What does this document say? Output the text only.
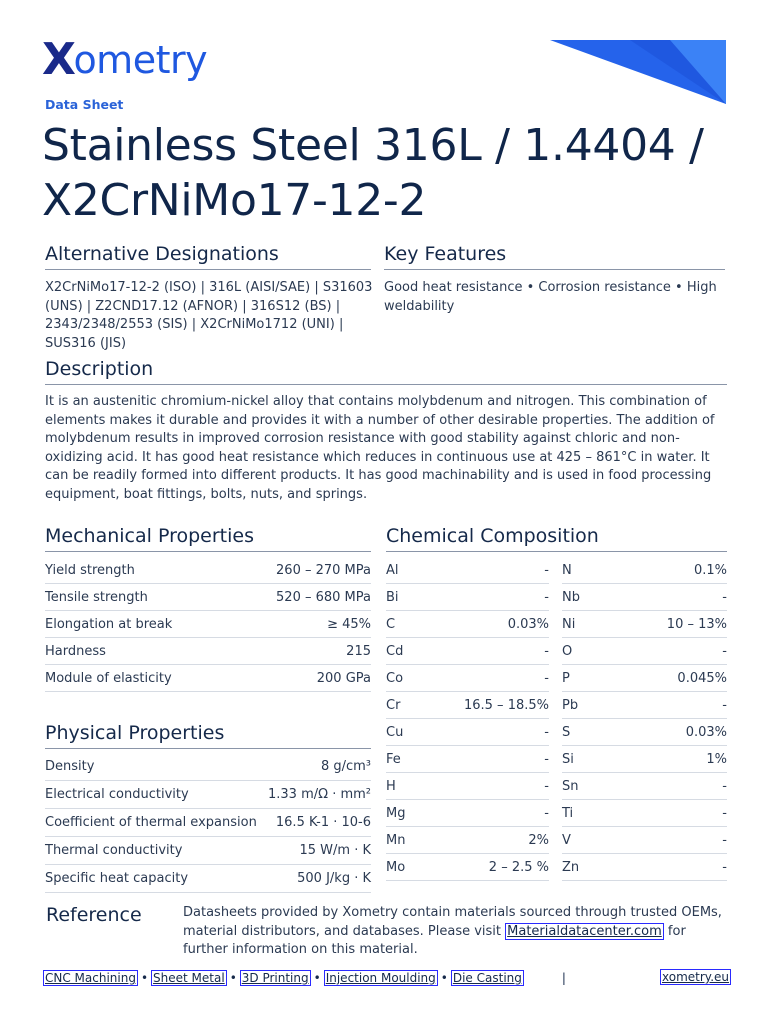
X
ometry
Data Sheet
Stainless Steel 316L / 1.4404 /
X2CrNiMo17-12-2
Alternative Designations
X2CrNiMo17-12-2 (ISO) | 316L (AISI/SAE) | S31603 (UNS) | Z2CND17.12 (AFNOR) | 316S12 (BS) | 2343/2348/2553 (SIS) | X2CrNiMo1712 (UNI) | SUS316 (JIS)
Key Features
Good heat resistance • Corrosion resistance • High weldability
Description
It is an austenitic chromium-nickel alloy that contains molybdenum and nitrogen. This combination of elements makes it durable and provides it with a number of other desirable properties. The addition of molybdenum results in improved corrosion resistance with good stability against chloric and non-oxidizing acid. It has good heat resistance which reduces in continuous use at 425 – 861°C in water. It can be readily formed into different products. It has good machinability and is used in food processing equipment, boat fittings, bolts, nuts, and springs.
Mechanical Properties
Yield strength	260 – 270 MPa
Tensile strength	520 – 680 MPa
Elongation at break	≥ 45%
Hardness	215
Module of elasticity	200 GPa
Physical Properties
Density	8 g/cm³
Electrical conductivity	1.33 m/Ω · mm²
Coefficient of thermal expansion 16.5 K-1 · 10-6
Thermal conductivity	15 W/m · K
Specific heat capacity	500 J/kg · K
Chemical Composition
Al	-
Bi	-
C	0.03%
Cd	-
Co	-
Cr	16.5 – 18.5%
Cu	-
Fe	-
H	-
Mg	-
Mn	2%
Mo	2 – 2.5 %
N	0.1%
Nb	-
Ni	10 – 13%
O	-
P	0.045%
Pb	-
S	0.03%
Si	1%
Sn	-
Ti	-
V	-
Zn	-
Reference	Datasheets provided by Xometry contain materials sourced through trusted OEMs, material distributors, and databases. Please visit Materialdatacenter.com for further information on this material.
CNC Machining • Sheet Metal • 3D Printing • Injection Moulding • Die Casting	|	xometry.eu
